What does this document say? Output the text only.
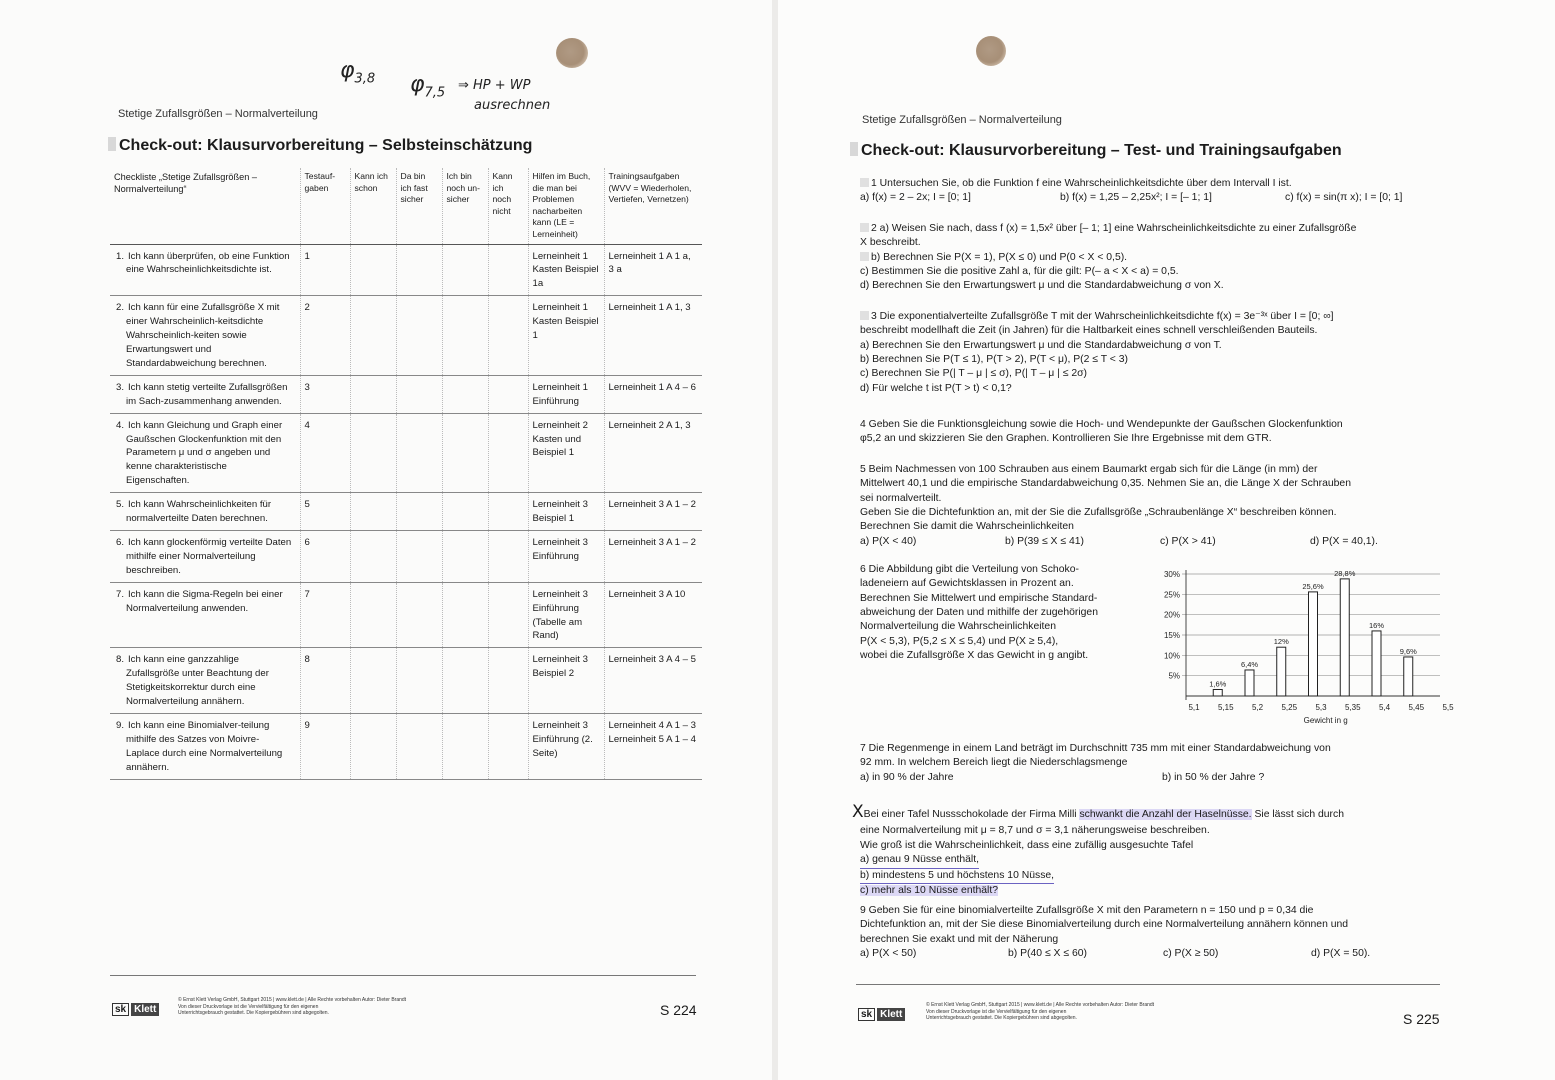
$\varphi_{3,8}$ $\varphi_{7,5}$ ⇒ HP + WP
ausrechnen
Stetige Zufallsgrößen – Normalverteilung
Check-out: Klausurvorbereitung – Selbsteinschätzung
Checkliste „Stetige Zufallsgrößen – Normalverteilung“	Testauf-gaben	Kann ich schon	Da bin ich fast sicher	Ich bin noch un-sicher	Kann ich noch nicht	Hilfen im Buch, die man bei Problemen nacharbeiten kann (LE = Lerneinheit)	Trainingsaufgaben (WVV = Wiederholen, Vertiefen, Vernetzen)
1. Ich kann überprüfen, ob eine Funktion eine Wahrscheinlichkeitsdichte ist.	1					Lerneinheit 1 Kasten Beispiel 1a	Lerneinheit 1 A 1 a, 3 a
2. Ich kann für eine Zufallsgröße X mit einer Wahrscheinlich-keitsdichte Wahrscheinlich-keiten sowie Erwartungswert und Standardabweichung berechnen.	2					Lerneinheit 1 Kasten Beispiel 1	Lerneinheit 1 A 1, 3
3. Ich kann stetig verteilte Zufallsgrößen im Sach-zusammenhang anwenden.	3					Lerneinheit 1 Einführung	Lerneinheit 1 A 4 – 6
4. Ich kann Gleichung und Graph einer Gaußschen Glockenfunktion mit den Parametern μ und σ angeben und kenne charakteristische Eigenschaften.	4					Lerneinheit 2 Kasten und Beispiel 1	Lerneinheit 2 A 1, 3
5. Ich kann Wahrscheinlichkeiten für normalverteilte Daten berechnen.	5					Lerneinheit 3 Beispiel 1	Lerneinheit 3 A 1 – 2
6. Ich kann glockenförmig verteilte Daten mithilfe einer Normalverteilung beschreiben.	6					Lerneinheit 3 Einführung	Lerneinheit 3 A 1 – 2
7. Ich kann die Sigma-Regeln bei einer Normalverteilung anwenden.	7					Lerneinheit 3 Einführung (Tabelle am Rand)	Lerneinheit 3 A 10
8. Ich kann eine ganzzahlige Zufallsgröße unter Beachtung der Stetigkeitskorrektur durch eine Normalverteilung annähern.	8					Lerneinheit 3 Beispiel 2	Lerneinheit 3 A 4 – 5
9. Ich kann eine Binomialver-teilung mithilfe des Satzes von Moivre-Laplace durch eine Normalverteilung annähern.	9					Lerneinheit 3 Einführung (2. Seite)	Lerneinheit 4 A 1 – 3 Lerneinheit 5 A 1 – 4
sk Klett
© Ernst Klett Verlag GmbH, Stuttgart 2015 | www.klett.de | Alle Rechte vorbehalten Autor: Dieter Brandt
Von dieser Druckvorlage ist die Vervielfältigung für den eigenen
Unterrichtsgebrauch gestattet. Die Kopiergebühren sind abgegolten.	S 224
Stetige Zufallsgrößen – Normalverteilung
Check-out: Klausurvorbereitung – Test- und Trainingsaufgaben
1 Untersuchen Sie, ob die Funktion f eine Wahrscheinlichkeitsdichte über dem Intervall I ist.
a) f(x) = 2 – 2x; I = [0; 1]	b) f(x) = 1,25 – 2,25x²; I = [– 1; 1]	c) f(x) = sin(π x); I = [0; 1]
2 a) Weisen Sie nach, dass f (x) = 1,5x² über [– 1; 1] eine Wahrscheinlichkeitsdichte zu einer Zufallsgröße
X beschreibt.
b) Berechnen Sie P(X = 1), P(X ≤ 0) und P(0 < X < 0,5).
c) Bestimmen Sie die positive Zahl a, für die gilt: P(– a < X < a) = 0,5.
d) Berechnen Sie den Erwartungswert μ und die Standardabweichung σ von X.
3 Die exponentialverteilte Zufallsgröße T mit der Wahrscheinlichkeitsdichte f(x) = 3e⁻³ˣ über I = [0; ∞]
beschreibt modellhaft die Zeit (in Jahren) für die Haltbarkeit eines schnell verschleißenden Bauteils.
a) Berechnen Sie den Erwartungswert μ und die Standardabweichung σ von T.
b) Berechnen Sie P(T ≤ 1), P(T > 2), P(T < μ), P(2 ≤ T < 3)
c) Berechnen Sie P(| T – μ | ≤ σ), P(| T – μ | ≤ 2σ)
d) Für welche t ist P(T > t) < 0,1?
4 Geben Sie die Funktionsgleichung sowie die Hoch- und Wendepunkte der Gaußschen Glockenfunktion
φ5,2 an und skizzieren Sie den Graphen. Kontrollieren Sie Ihre Ergebnisse mit dem GTR.
5 Beim Nachmessen von 100 Schrauben aus einem Baumarkt ergab sich für die Länge (in mm) der
Mittelwert 40,1 und die empirische Standardabweichung 0,35. Nehmen Sie an, die Länge X der Schrauben
sei normalverteilt.
Geben Sie die Dichtefunktion an, mit der Sie die Zufallsgröße „Schraubenlänge X“ beschreiben können.
Berechnen Sie damit die Wahrscheinlichkeiten
a) P(X < 40)	b) P(39 ≤ X ≤ 41)	c) P(X > 41)	d) P(X = 40,1).
6 Die Abbildung gibt die Verteilung von Schoko-
ladeneiern auf Gewichtsklassen in Prozent an.
Berechnen Sie Mittelwert und empirische Standard-
abweichung der Daten und mithilfe der zugehörigen
Normalverteilung die Wahrscheinlichkeiten
P(X < 5,3), P(5,2 ≤ X ≤ 5,4) und P(X ≥ 5,4),
wobei die Zufallsgröße X das Gewicht in g angibt.
30%
25%
20%
15%
10%
5%
1,6%
6,4%
12%
25,6%
28,8%
16%
9,6%
5,1 5,15 5,2 5,25 5,3 5,35 5,4 5,45 5,5
Gewicht in g
7 Die Regenmenge in einem Land beträgt im Durchschnitt 735 mm mit einer Standardabweichung von
92 mm. In welchem Bereich liegt die Niederschlagsmenge
a) in 90 % der Jahre	b) in 50 % der Jahre ?
XBei einer Tafel Nussschokolade der Firma Milli schwankt die Anzahl der Haselnüsse. Sie lässt sich durch
eine Normalverteilung mit μ = 8,7 und σ = 3,1 näherungsweise beschreiben.
Wie groß ist die Wahrscheinlichkeit, dass eine zufällig ausgesuchte Tafel
a) genau 9 Nüsse enthält,
b) mindestens 5 und höchstens 10 Nüsse,
c) mehr als 10 Nüsse enthält?
9 Geben Sie für eine binomialverteilte Zufallsgröße X mit den Parametern n = 150 und p = 0,34 die
Dichtefunktion an, mit der Sie diese Binomialverteilung durch eine Normalverteilung annähern können und
berechnen Sie exakt und mit der Näherung
a) P(X < 50)	b) P(40 ≤ X ≤ 60)	c) P(X ≥ 50)	d) P(X = 50).
sk Klett
© Ernst Klett Verlag GmbH, Stuttgart 2015 | www.klett.de | Alle Rechte vorbehalten Autor: Dieter Brandt
Von dieser Druckvorlage ist die Vervielfältigung für den eigenen
Unterrichtsgebrauch gestattet. Die Kopiergebühren sind abgegolten.	S 225
